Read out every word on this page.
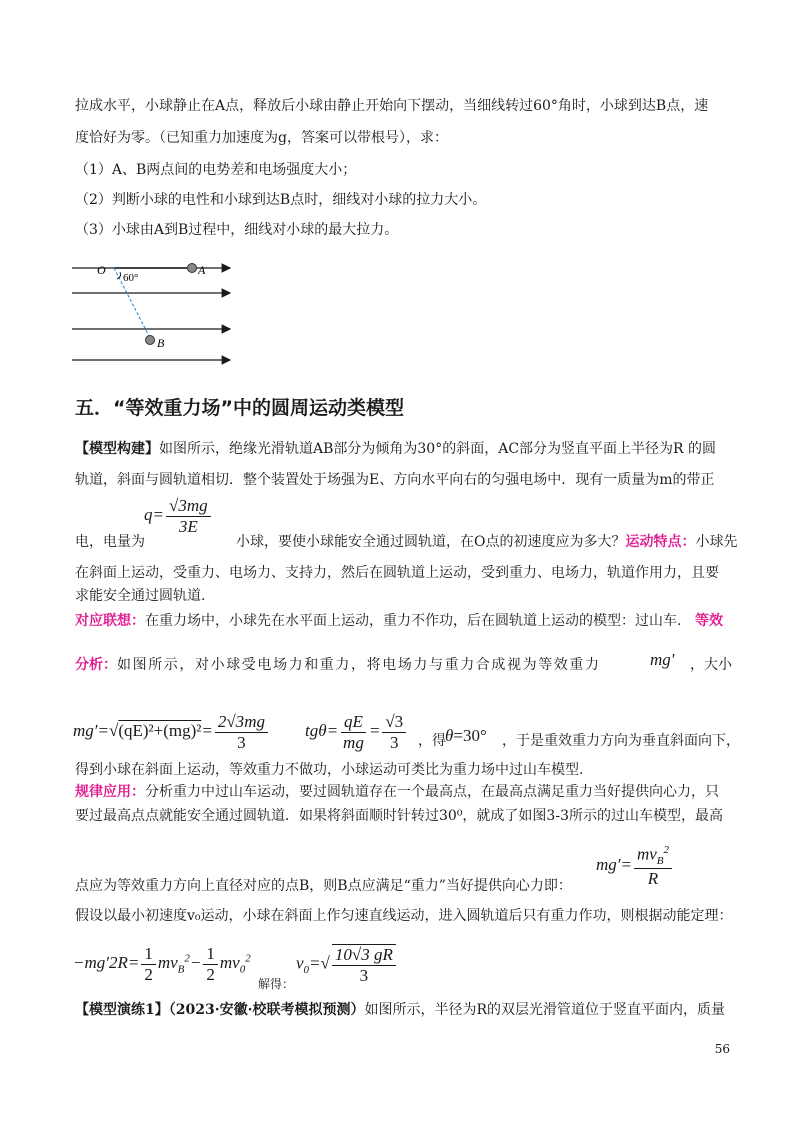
拉成水平，小球静止在A点，释放后小球由静止开始向下摆动，当细线转过60°角时，小球到达B点，速
度恰好为零。（已知重力加速度为g，答案可以带根号），求：
（1）A、B两点间的电势差和电场强度大小；
（2）判断小球的电性和小球到达B点时，细线对小球的拉力大小。
（3）小球由A到B过程中，细线对小球的最大拉力。
O	A
B
60°
五．“等效重力场”中的圆周运动类模型
【模型构建】如图所示，绝缘光滑轨道AB部分为倾角为30°的斜面，AC部分为竖直平面上半径为R 的圆
轨道，斜面与圆轨道相切．整个装置处于场强为E、方向水平向右的匀强电场中．现有一质量为m的带正
$q= \frac{√3mg}{3E}$
电，电量为	小球，要使小球能安全通过圆轨道，在O点的初速度应为多大？运动特点：小球先
在斜面上运动，受重力、电场力、支持力，然后在圆轨道上运动，受到重力、电场力，轨道作用力，且要
求能安全通过圆轨道.
对应联想：在重力场中，小球先在水平面上运动，重力不作功，后在圆轨道上运动的模型：过山车. 等效
分析：如图所示，对小球受电场力和重力，将电场力与重力合成视为等效重力	mg′ ，大小
$mg'=√(qE)^2+(mg)^2= \frac{2√3mg}{3} tg\theta= \frac{qE}{mg} = \frac{√3}{3}$ ，得 θ=30° ，于是重效重力方向为垂直斜面向下，
得到小球在斜面上运动，等效重力不做功，小球运动可类比为重力场中过山车模型.
规律应用：分析重力中过山车运动，要过圆轨道存在一个最高点，在最高点满足重力当好提供向心力，只
要过最高点点就能安全通过圆轨道．如果将斜面顺时针转过30⁰，就成了如图3-3所示的过山车模型，最高
点应为等效重力方向上直径对应的点B，则B点应满足“重力”当好提供向心力即：
$mg'= \frac{mv_B^2}{R}$
假设以最小初速度v₀运动，小球在斜面上作匀速直线运动，进入圆轨道后只有重力作功，则根据动能定理：
$-mg'2R= \frac{1}{2} mv_B^2- \frac{1}{2} mv_0^2$
解得：
$v_0=√ \frac{10√3 gR}{3}$
【模型演练1】（2023·安徽·校联考模拟预测）如图所示，半径为R的双层光滑管道位于竖直平面内，质量
56
